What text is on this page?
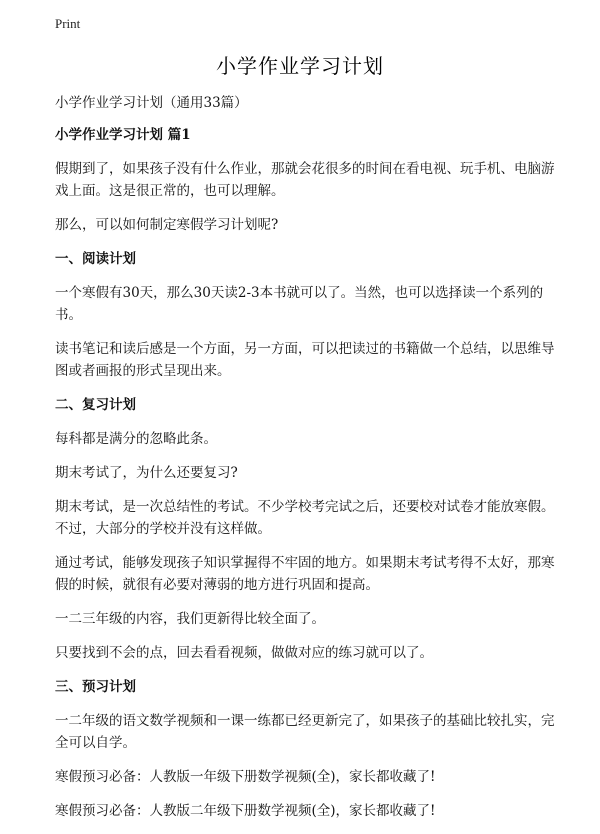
Print
小学作业学习计划

小学作业学习计划（通用33篇）

小学作业学习计划 篇1

假期到了，如果孩子没有什么作业，那就会花很多的时间在看电视、玩手机、电脑游戏上面。这是很正常的，也可以理解。

那么，可以如何制定寒假学习计划呢?

一、阅读计划

一个寒假有30天，那么30天读2-3本书就可以了。当然，也可以选择读一个系列的书。

读书笔记和读后感是一个方面，另一方面，可以把读过的书籍做一个总结，以思维导图或者画报的形式呈现出来。

二、复习计划

每科都是满分的忽略此条。

期末考试了，为什么还要复习?

期末考试，是一次总结性的考试。不少学校考完试之后，还要校对试卷才能放寒假。不过，大部分的学校并没有这样做。

通过考试，能够发现孩子知识掌握得不牢固的地方。如果期末考试考得不太好，那寒假的时候，就很有必要对薄弱的地方进行巩固和提高。

一二三年级的内容，我们更新得比较全面了。

只要找到不会的点，回去看看视频，做做对应的练习就可以了。

三、预习计划

一二年级的语文数学视频和一课一练都已经更新完了，如果孩子的基础比较扎实，完全可以自学。

寒假预习必备：人教版一年级下册数学视频(全)，家长都收藏了!

寒假预习必备：人教版二年级下册数学视频(全)，家长都收藏了!
